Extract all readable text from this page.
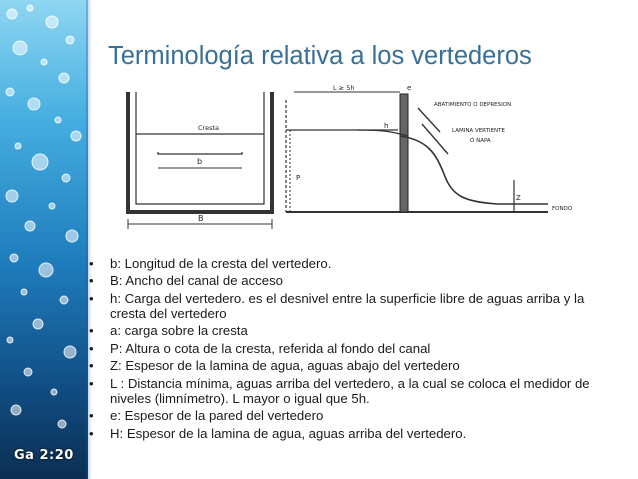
Ga 2:20
Terminología relativa a los vertederos
Cresta
b
B
L ≥ 5h	e
ABATIMIENTO O DEPRESION
LAMINA VERTIENTE
Ó NAPA
FONDO
h
P
Z
• b: Longitud de la cresta del vertedero.
• B: Ancho del canal de acceso
• h: Carga del vertedero. es el desnivel entre la superficie libre de aguas arriba y la cresta del vertedero
• a: carga sobre la cresta
• P: Altura o cota de la cresta, referida al fondo del canal
• Z: Espesor de la lamina de agua, aguas abajo del vertedero
• L : Distancia mínima, aguas arriba del vertedero, a la cual se coloca el medidor de niveles (limnímetro). L mayor o igual que 5h.
• e: Espesor de la pared del vertedero
• H: Espesor de la lamina de agua, aguas arriba del vertedero.
